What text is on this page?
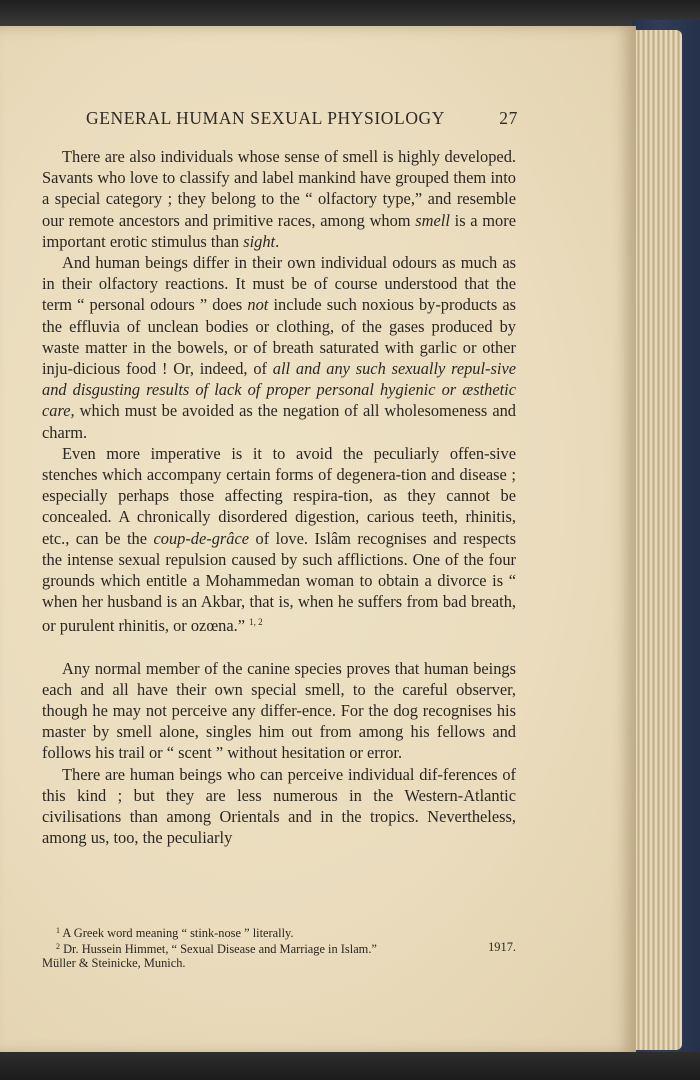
GENERAL HUMAN SEXUAL PHYSIOLOGY	27

There are also individuals whose sense of smell is highly developed. Savants who love to classify and label mankind have grouped them into a special category ; they belong to the “ olfactory type,” and resemble our remote ancestors and primitive races, among whom smell is a more important erotic stimulus than sight.

And human beings differ in their own individual odours as much as in their olfactory reactions. It must be of course understood that the term “ personal odours ” does not include such noxious by-products as the effluvia of unclean bodies or clothing, of the gases produced by waste matter in the bowels, or of breath saturated with garlic or other inju-dicious food ! Or, indeed, of all and any such sexually repul-sive and disgusting results of lack of proper personal hygienic or æsthetic care, which must be avoided as the negation of all wholesomeness and charm.

Even more imperative is it to avoid the peculiarly offen-sive stenches which accompany certain forms of degenera-tion and disease ; especially perhaps those affecting respira-tion, as they cannot be concealed. A chronically disordered digestion, carious teeth, rhinitis, etc., can be the coup-de-grâce of love. Islâm recognises and respects the intense sexual repulsion caused by such afflictions. One of the four grounds which entitle a Mohammedan woman to obtain a divorce is “ when her husband is an Akbar, that is, when he suffers from bad breath, or purulent rhinitis, or ozœna.” $^{1, 2}$

Any normal member of the canine species proves that human beings each and all have their own special smell, to the careful observer, though he may not perceive any differ-ence. For the dog recognises his master by smell alone, singles him out from among his fellows and follows his trail or “ scent ” without hesitation or error.

There are human beings who can perceive individual dif-ferences of this kind ; but they are less numerous in the Western-Atlantic civilisations than among Orientals and in the tropics. Nevertheless, among us, too, the peculiarly

$^1$ A Greek word meaning “ stink-nose ” literally.

$^2$ Dr. Hussein Himmet, “ Sexual Disease and Marriage in Islam.”	1917.

Müller & Steinicke, Munich.
